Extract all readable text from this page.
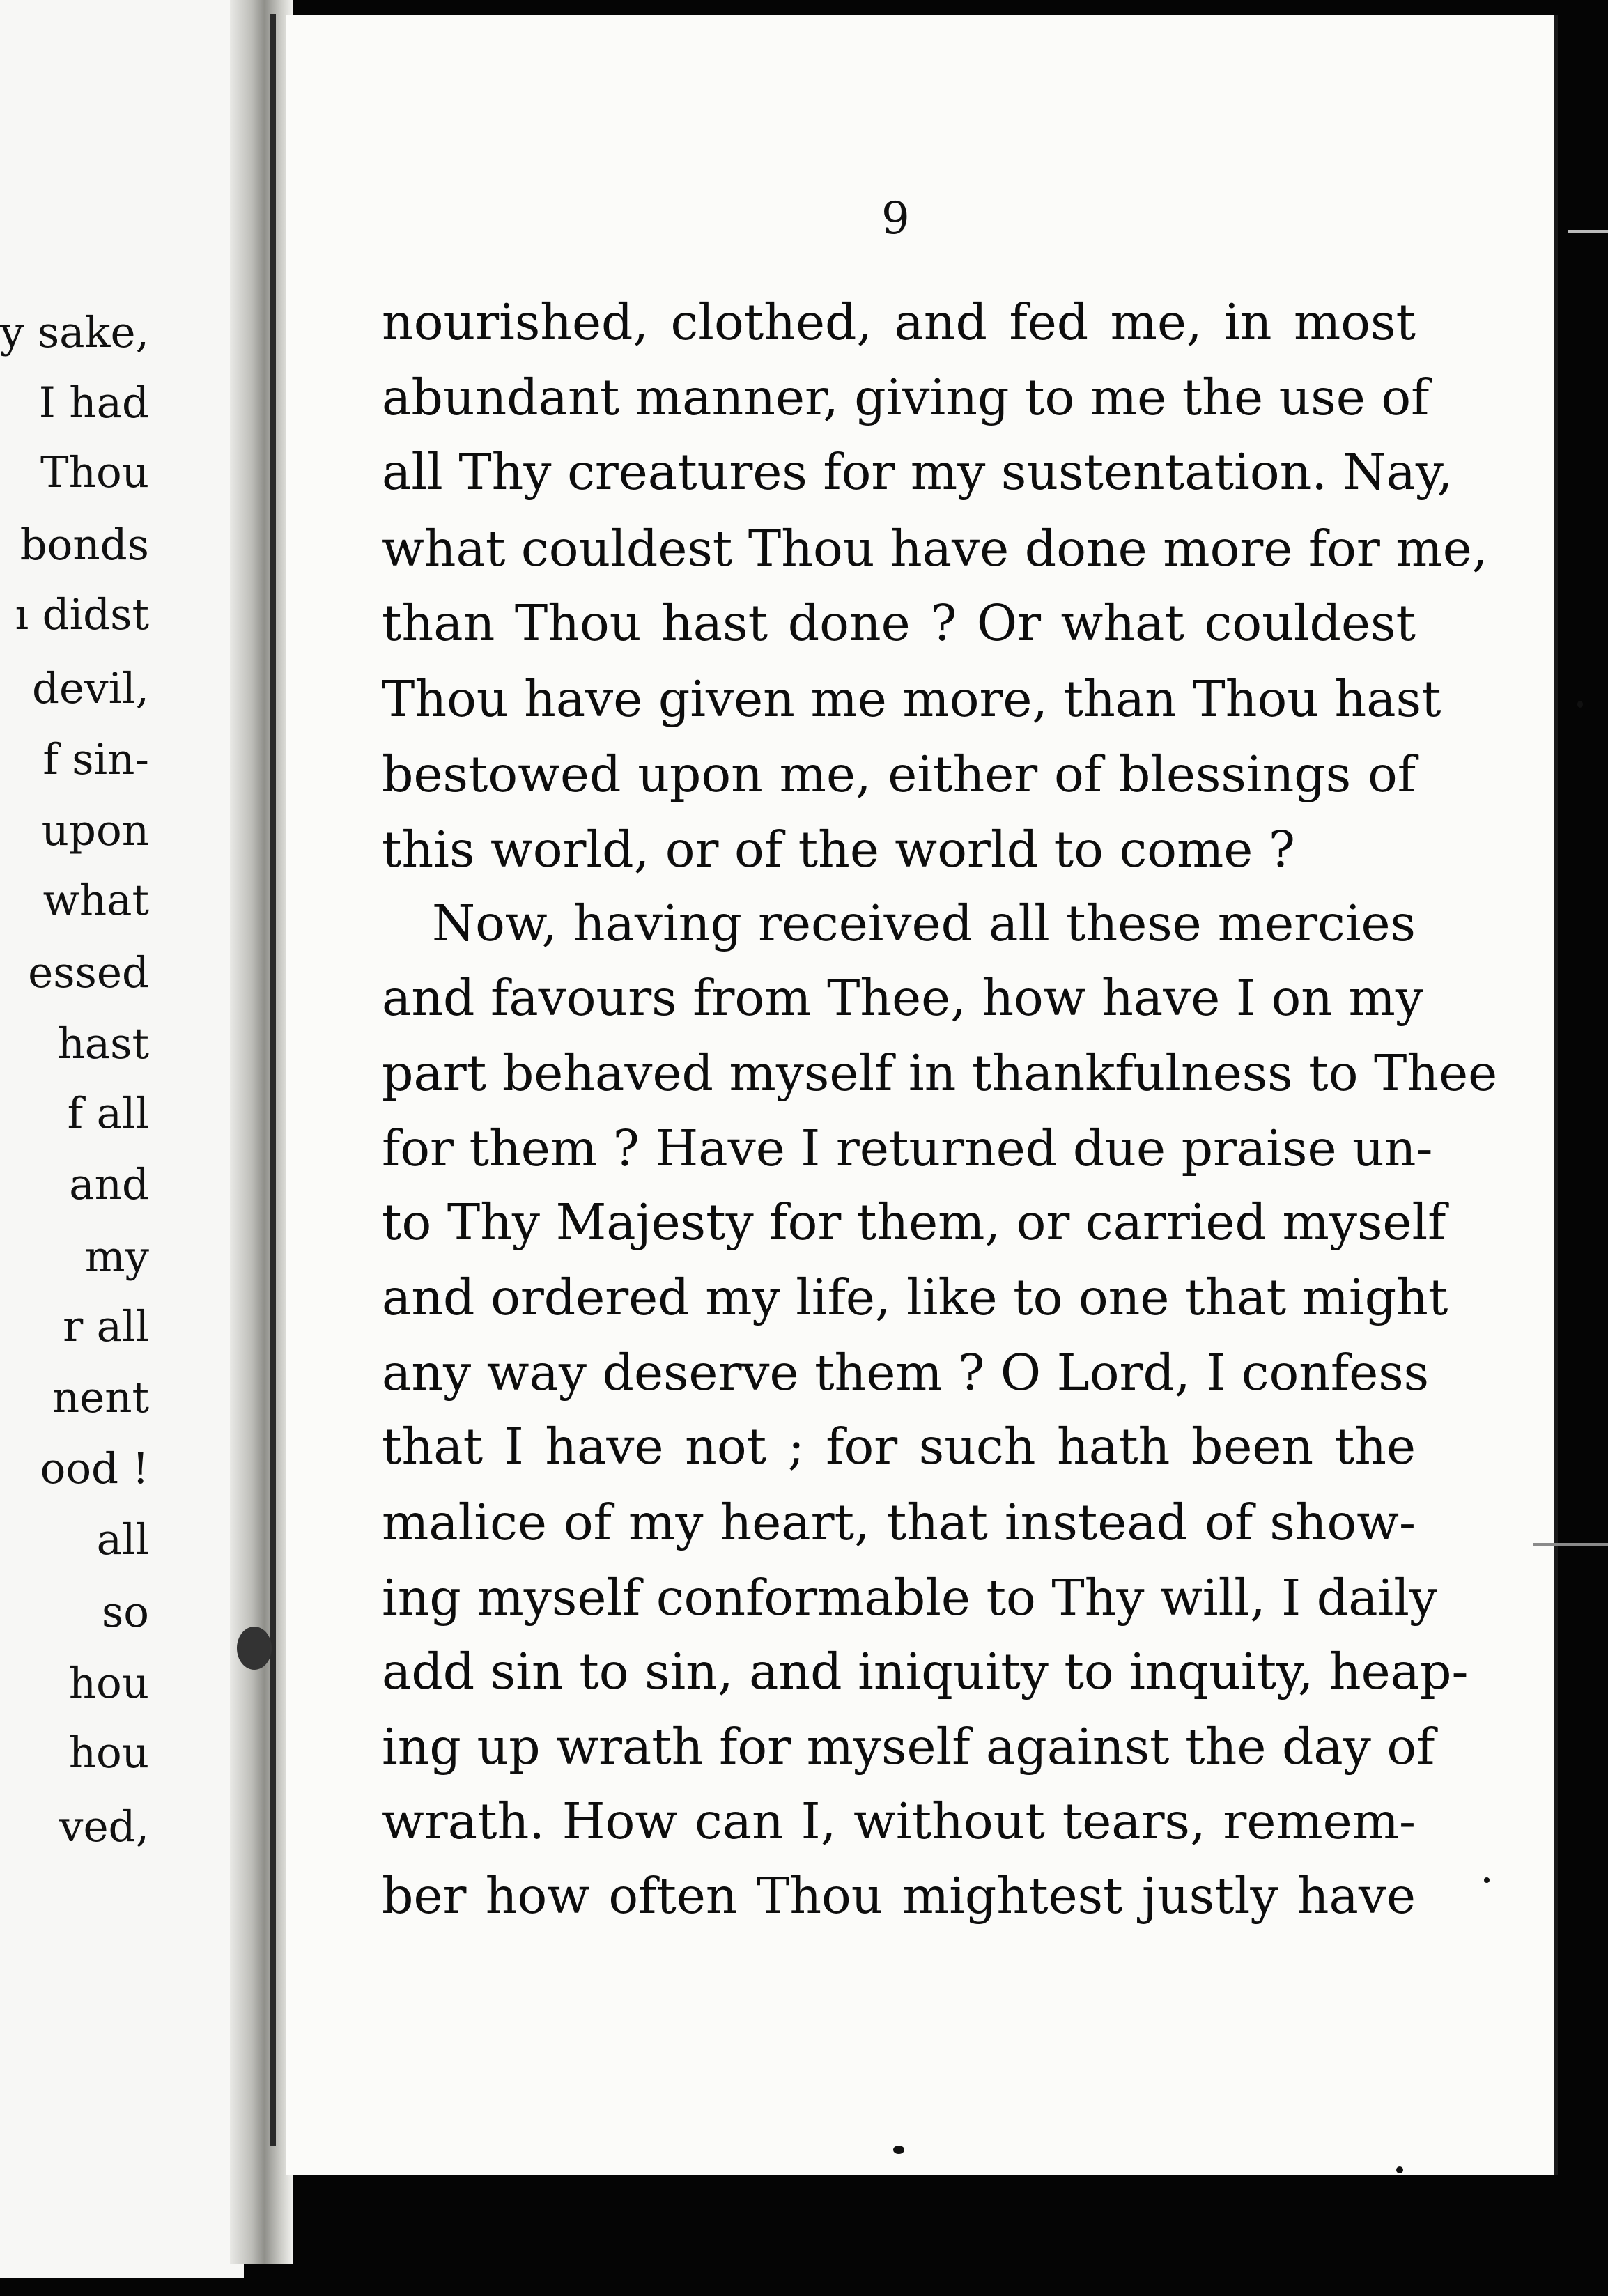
y sake,
I had
Thou
bonds
ı didst
devil,
f sin-
upon
what
essed
hast
f all
and
my
r all
nent
ood !
all
so
hou
hou
ved,
9
nourished, clothed, and fed me, in most
abundant manner, giving to me the use of
all Thy creatures for my sustentation. Nay,
what couldest Thou have done more for me,
than Thou hast done ? Or what couldest
Thou have given me more, than Thou hast
bestowed upon me, either of blessings of
this world, or of the world to come ?
Now, having received all these mercies
and favours from Thee, how have I on my
part behaved myself in thankfulness to Thee
for them ? Have I returned due praise un-
to Thy Majesty for them, or carried myself
and ordered my life, like to one that might
any way deserve them ? O Lord, I confess
that I have not ; for such hath been the
malice of my heart, that instead of show-
ing myself conformable to Thy will, I daily
add sin to sin, and iniquity to inquity, heap-
ing up wrath for myself against the day of
wrath. How can I, without tears, remem-
ber how often Thou mightest justly have
